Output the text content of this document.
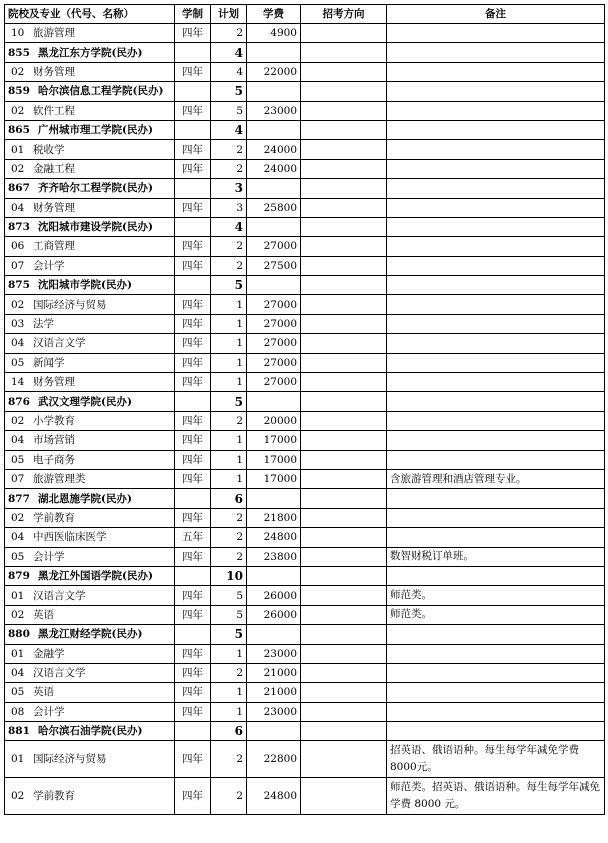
院校及专业（代号、名称）	学制	计划	学费	招考方向	备注
10 旅游管理	四年	2	4900		
855 黑龙江东方学院(民办)		4			
02 财务管理	四年	4	22000		
859 哈尔滨信息工程学院(民办)		5			
02 软件工程	四年	5	23000		
865 广州城市理工学院(民办)		4			
01 税收学	四年	2	24000		
02 金融工程	四年	2	24000		
867 齐齐哈尔工程学院(民办)		3			
04 财务管理	四年	3	25800		
873 沈阳城市建设学院(民办)		4			
06 工商管理	四年	2	27000		
07 会计学	四年	2	27500		
875 沈阳城市学院(民办)		5			
02 国际经济与贸易	四年	1	27000		
03 法学	四年	1	27000		
04 汉语言文学	四年	1	27000		
05 新闻学	四年	1	27000		
14 财务管理	四年	1	27000		
876 武汉文理学院(民办)		5			
02 小学教育	四年	2	20000		
04 市场营销	四年	1	17000		
05 电子商务	四年	1	17000		
07 旅游管理类	四年	1	17000		含旅游管理和酒店管理专业。
877 湖北恩施学院(民办)		6			
02 学前教育	四年	2	21800		
04 中西医临床医学	五年	2	24800		
05 会计学	四年	2	23800		数智财税订单班。
879 黑龙江外国语学院(民办)		10			
01 汉语言文学	四年	5	26000		师范类。
02 英语	四年	5	26000		师范类。
880 黑龙江财经学院(民办)		5			
01 金融学	四年	1	23000		
04 汉语言文学	四年	2	21000		
05 英语	四年	1	21000		
08 会计学	四年	1	23000		
881 哈尔滨石油学院(民办)		6			
01 国际经济与贸易	四年	2	22800		招英语、俄语语种。每生每学年减免学费8000元。
02 学前教育	四年	2	24800		师范类。招英语、俄语语种。每生每学年减免学费 8000 元。
